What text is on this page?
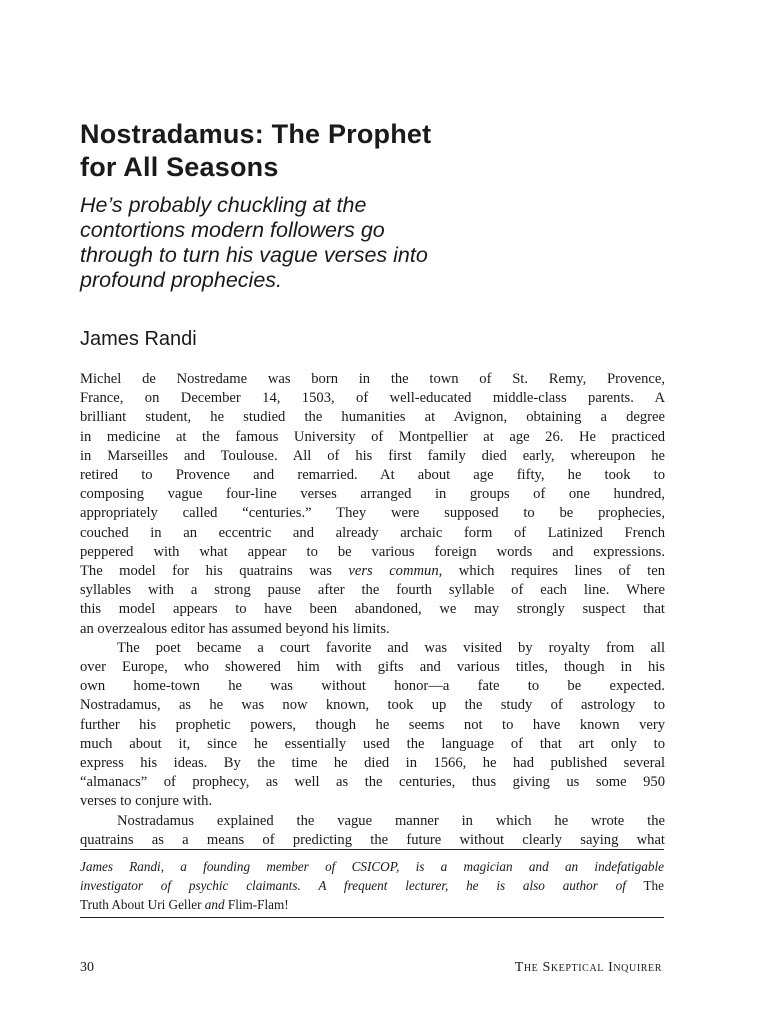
Nostradamus: The Prophet
for All Seasons
He’s probably chuckling at the
contortions modern followers go
through to turn his vague verses into
profound prophecies.
James Randi
Michel de Nostredame was born in the town of St. Remy, Provence,
France, on December 14, 1503, of well-educated middle-class parents. A
brilliant student, he studied the humanities at Avignon, obtaining a degree
in medicine at the famous University of Montpellier at age 26. He practiced
in Marseilles and Toulouse. All of his first family died early, whereupon he
retired to Provence and remarried. At about age fifty, he took to
composing vague four-line verses arranged in groups of one hundred,
appropriately called “centuries.” They were supposed to be prophecies,
couched in an eccentric and already archaic form of Latinized French
peppered with what appear to be various foreign words and expressions.
The model for his quatrains was vers commun, which requires lines of ten
syllables with a strong pause after the fourth syllable of each line. Where
this model appears to have been abandoned, we may strongly suspect that
an overzealous editor has assumed beyond his limits.
The poet became a court favorite and was visited by royalty from all
over Europe, who showered him with gifts and various titles, though in his
own home-town he was without honor—a fate to be expected.
Nostradamus, as he was now known, took up the study of astrology to
further his prophetic powers, though he seems not to have known very
much about it, since he essentially used the language of that art only to
express his ideas. By the time he died in 1566, he had published several
“almanacs” of prophecy, as well as the centuries, thus giving us some 950
verses to conjure with.
Nostradamus explained the vague manner in which he wrote the
quatrains as a means of predicting the future without clearly saying what
James Randi, a founding member of CSICOP, is a magician and an indefatigable
investigator of psychic claimants. A frequent lecturer, he is also author of The
Truth About Uri Geller and Flim-Flam!
30	The Skeptical Inquirer
